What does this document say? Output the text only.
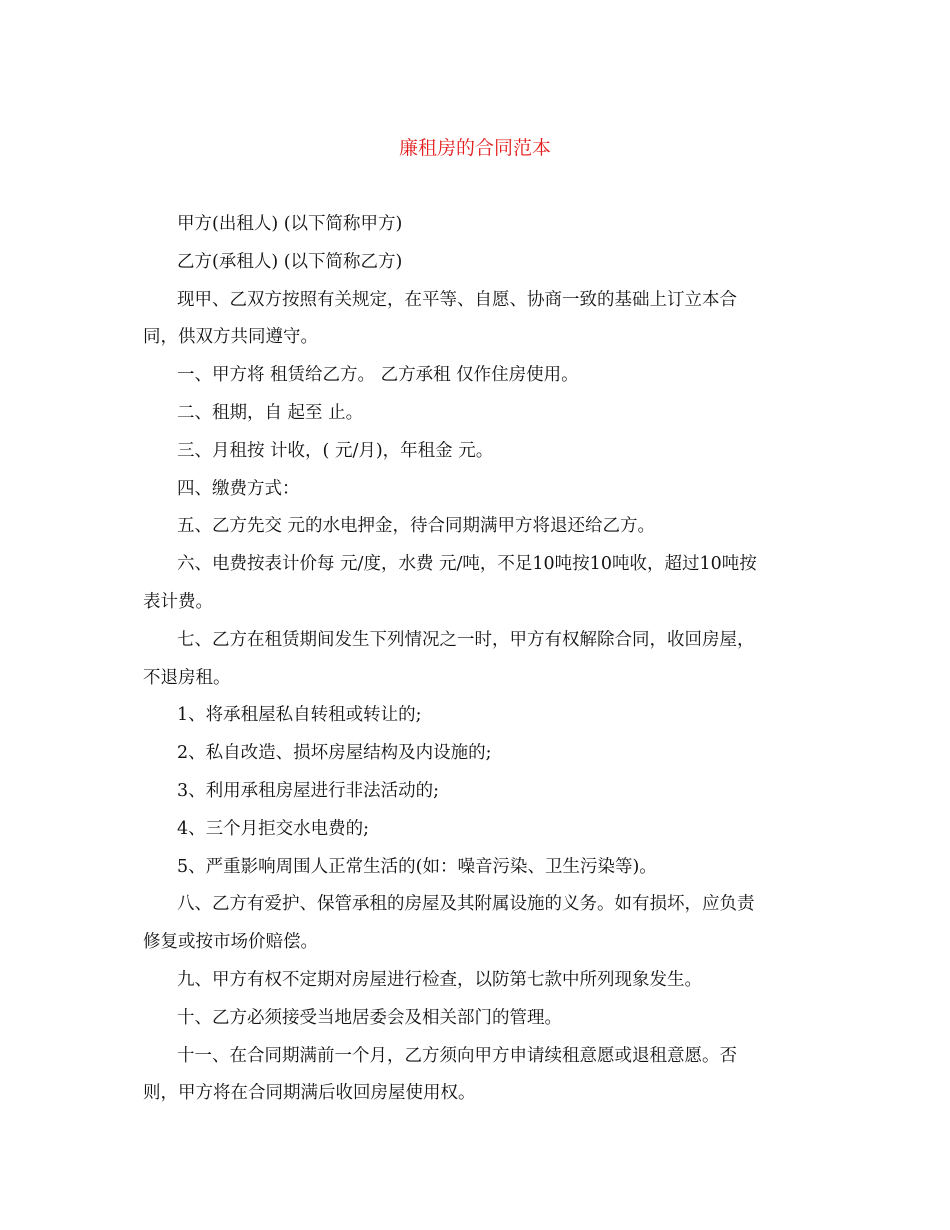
廉租房的合同范本

甲方(出租人) (以下简称甲方)

乙方(承租人) (以下简称乙方)

现甲、乙双方按照有关规定，在平等、自愿、协商一致的基础上订立本合
同，供双方共同遵守。

一、甲方将 租赁给乙方。 乙方承租 仅作住房使用。

二、租期，自 起至 止。

三、月租按 计收，( 元/月)，年租金 元。

四、缴费方式：

五、乙方先交 元的水电押金，待合同期满甲方将退还给乙方。

六、电费按表计价每 元/度，水费 元/吨，不足10吨按10吨收，超过10吨按
表计费。

七、乙方在租赁期间发生下列情况之一时，甲方有权解除合同，收回房屋，
不退房租。

1、将承租屋私自转租或转让的;

2、私自改造、损坏房屋结构及内设施的;

3、利用承租房屋进行非法活动的;

4、三个月拒交水电费的;

5、严重影响周围人正常生活的(如：噪音污染、卫生污染等)。

八、乙方有爱护、保管承租的房屋及其附属设施的义务。如有损坏，应负责
修复或按市场价赔偿。

九、甲方有权不定期对房屋进行检查，以防第七款中所列现象发生。

十、乙方必须接受当地居委会及相关部门的管理。

十一、在合同期满前一个月，乙方须向甲方申请续租意愿或退租意愿。否
则，甲方将在合同期满后收回房屋使用权。
